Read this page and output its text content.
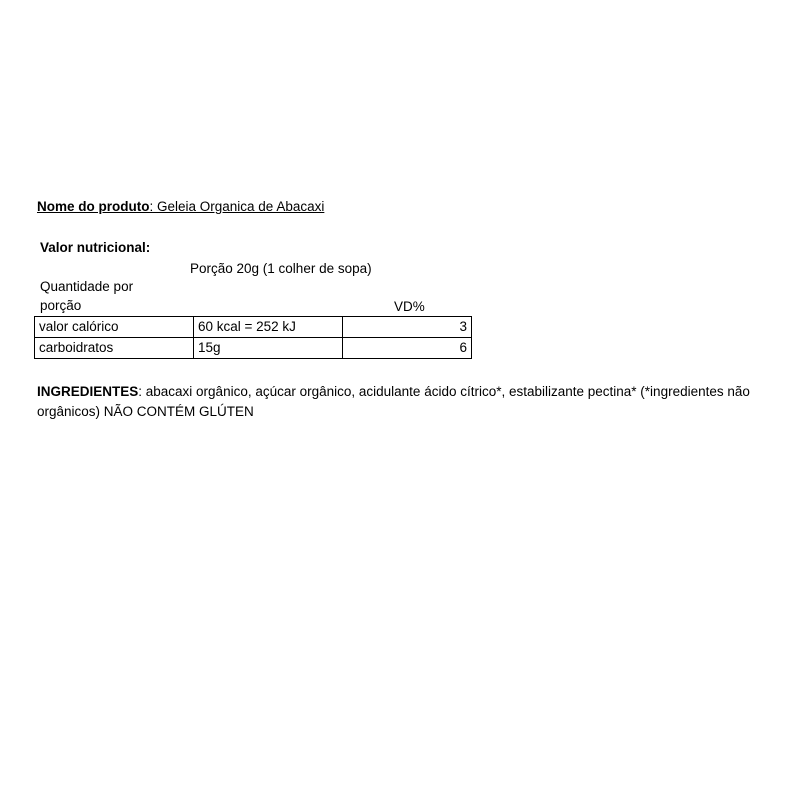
Nome do produto: Geleia Organica de Abacaxi
Valor nutricional:
Porção 20g (1 colher de sopa)
Quantidade por
porção	VD%
valor calórico	60 kcal = 252 kJ	3
carboidratos	15g	6
INGREDIENTES: abacaxi orgânico, açúcar orgânico, acidulante ácido cítrico*, estabilizante pectina* (*ingredientes não orgânicos) NÃO CONTÉM GLÚTEN
